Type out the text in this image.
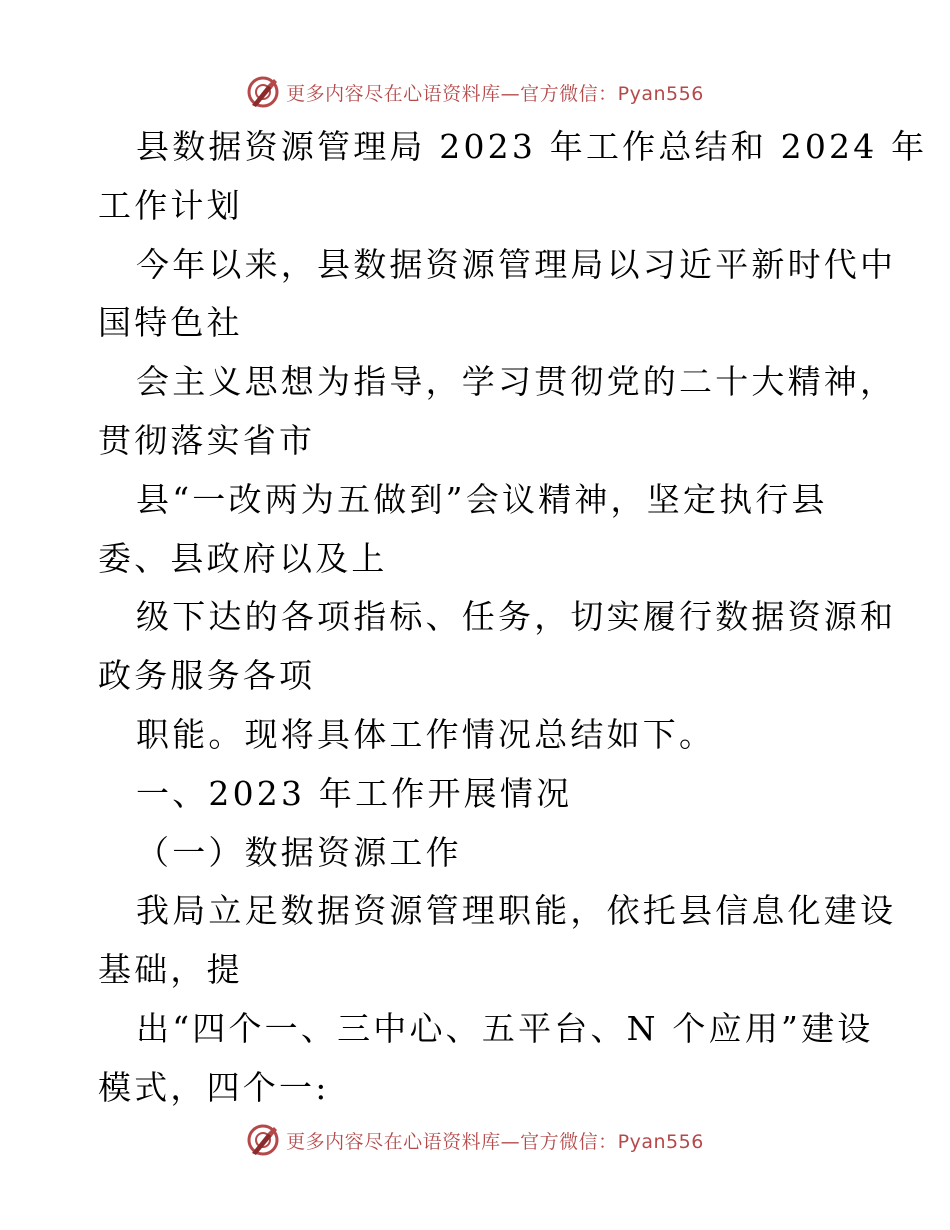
更多内容尽在心语资料库—官方微信：Pyan556
县数据资源管理局 2023 年工作总结和 2024 年
工作计划
今年以来，县数据资源管理局以习近平新时代中
国特色社
会主义思想为指导，学习贯彻党的二十大精神，
贯彻落实省市
县“一改两为五做到”会议精神，坚定执行县
委、县政府以及上
级下达的各项指标、任务，切实履行数据资源和
政务服务各项
职能。现将具体工作情况总结如下。
一、2023 年工作开展情况
（一）数据资源工作
我局立足数据资源管理职能，依托县信息化建设
基础，提
出“四个一、三中心、五平台、N 个应用”建设
模式，四个一:
更多内容尽在心语资料库—官方微信：Pyan556
